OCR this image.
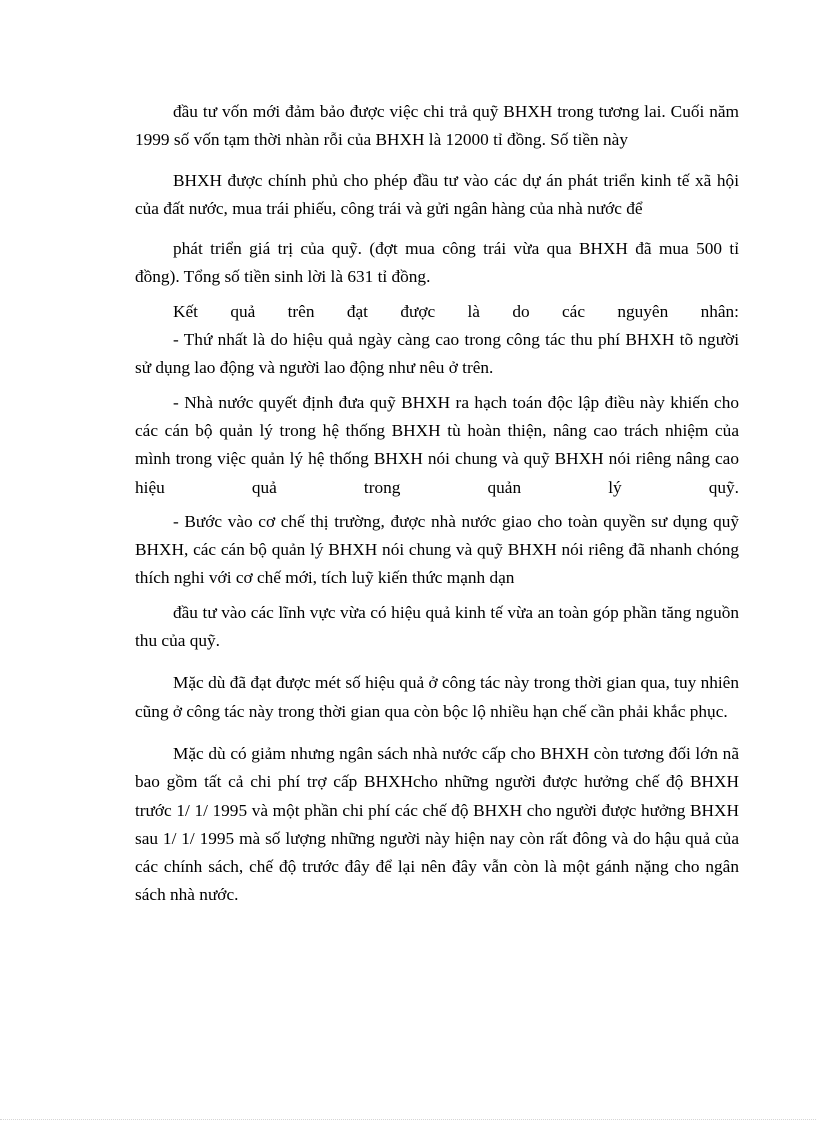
đầu tư vốn mới đảm bảo được việc chi trả quỹ BHXH trong tương lai. Cuối năm 1999 số vốn tạm thời nhàn rỗi của BHXH là 12000 tỉ đồng. Số tiền này

BHXH được chính phủ cho phép đầu tư vào các dự án phát triển kinh tế xã hội của đất nước, mua trái phiếu, công trái và gửi ngân hàng của nhà nước để

phát triển giá trị của quỹ. (đợt mua công trái vừa qua BHXH đã mua 500 tỉ đồng). Tổng số tiền sinh lời là 631 tỉ đồng.

Kết quả trên đạt được là do các nguyên nhân:

- Thứ nhất là do hiệu quả ngày càng cao trong công tác thu phí BHXH tõ người sử dụng lao động và người lao động như nêu ở trên.

- Nhà nước quyết định đưa quỹ BHXH ra hạch toán độc lập điều này khiến cho các cán bộ quản lý trong hệ thống BHXH tù hoàn thiện, nâng cao trách nhiệm của mình trong việc quản lý hệ thống BHXH nói chung và quỹ BHXH nói riêng nâng cao hiệu quả trong quản lý quỹ.

- Bước vào cơ chế thị trường, được nhà nước giao cho toàn quyền sư dụng quỹ BHXH, các cán bộ quản lý BHXH nói chung và quỹ BHXH nói riêng đã nhanh chóng thích nghi với cơ chế mới, tích luỹ kiến thức mạnh dạn

đầu tư vào các lĩnh vực vừa có hiệu quả kinh tế vừa an toàn góp phần tăng nguồn thu của quỹ.

Mặc dù đã đạt được mét số hiệu quả ở công tác này trong thời gian qua, tuy nhiên cũng ở công tác này trong thời gian qua còn bộc lộ nhiều hạn chế cần phải khắc phục.

Mặc dù có giảm nhưng ngân sách nhà nước cấp cho BHXH còn tương đối lớn nã bao gồm tất cả chi phí trợ cấp BHXHcho những người được hưởng chế độ BHXH trước 1/ 1/ 1995 và một phần chi phí các chế độ BHXH cho người được hưởng BHXH sau 1/ 1/ 1995 mà số lượng những người này hiện nay còn rất đông và do hậu quả của các chính sách, chế độ trước đây để lại nên đây vẫn còn là một gánh nặng cho ngân sách nhà nước.
